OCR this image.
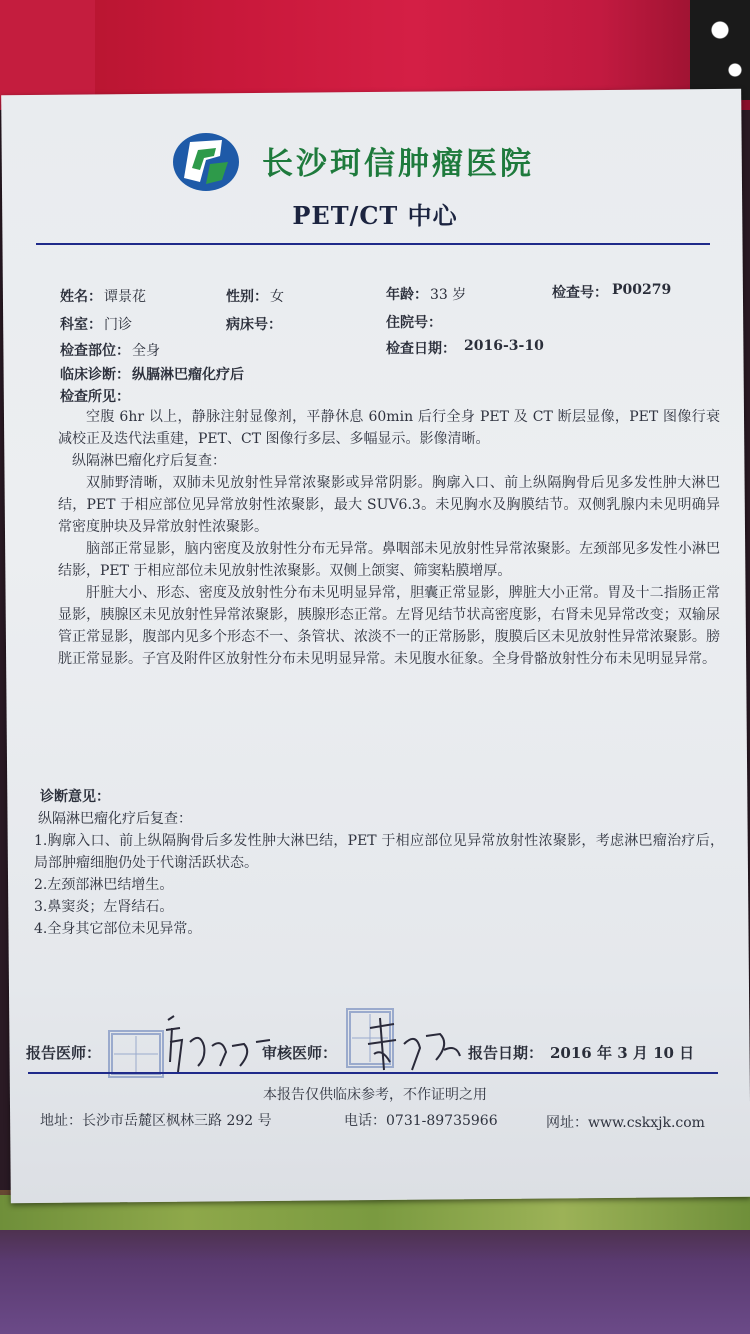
长沙珂信肿瘤医院
PET/CT 中心
姓名： 谭景花	性别： 女	年龄： 33 岁	检查号： P00279
科室： 门诊	病床号：	住院号：
检查部位： 全身	检查日期： 2016-3-10
临床诊断： 纵膈淋巴瘤化疗后
检查所见：
空腹 6hr 以上，静脉注射显像剂，平静休息 60min 后行全身 PET 及 CT 断层显像，PET 图像行衰减校正及迭代法重建，PET、CT 图像行多层、多幅显示。影像清晰。
纵隔淋巴瘤化疗后复查：
双肺野清晰，双肺未见放射性异常浓聚影或异常阴影。胸廓入口、前上纵隔胸骨后见多发性肿大淋巴结，PET 于相应部位见异常放射性浓聚影，最大 SUV6.3。未见胸水及胸膜结节。双侧乳腺内未见明确异常密度肿块及异常放射性浓聚影。
脑部正常显影，脑内密度及放射性分布无异常。鼻咽部未见放射性异常浓聚影。左颈部见多发性小淋巴结影，PET 于相应部位未见放射性浓聚影。双侧上颌窦、筛窦粘膜增厚。
肝脏大小、形态、密度及放射性分布未见明显异常，胆囊正常显影，脾脏大小正常。胃及十二指肠正常显影，胰腺区未见放射性异常浓聚影，胰腺形态正常。左肾见结节状高密度影，右肾未见异常改变；双输尿管正常显影，腹部内见多个形态不一、条管状、浓淡不一的正常肠影，腹膜后区未见放射性异常浓聚影。膀胱正常显影。子宫及附件区放射性分布未见明显异常。未见腹水征象。全身骨骼放射性分布未见明显异常。
诊断意见：
纵隔淋巴瘤化疗后复查：
1.胸廓入口、前上纵隔胸骨后多发性肿大淋巴结，PET 于相应部位见异常放射性浓聚影，考虑淋巴瘤治疗后，局部肿瘤细胞仍处于代谢活跃状态。
2.左颈部淋巴结增生。
3.鼻窦炎；左肾结石。
4.全身其它部位未见异常。
报告医师：	审核医师：	报告日期： 2016 年 3 月 10 日
本报告仅供临床参考，不作证明之用
地址：长沙市岳麓区枫林三路 292 号	电话：0731-89735966	网址：www.cskxjk.com
